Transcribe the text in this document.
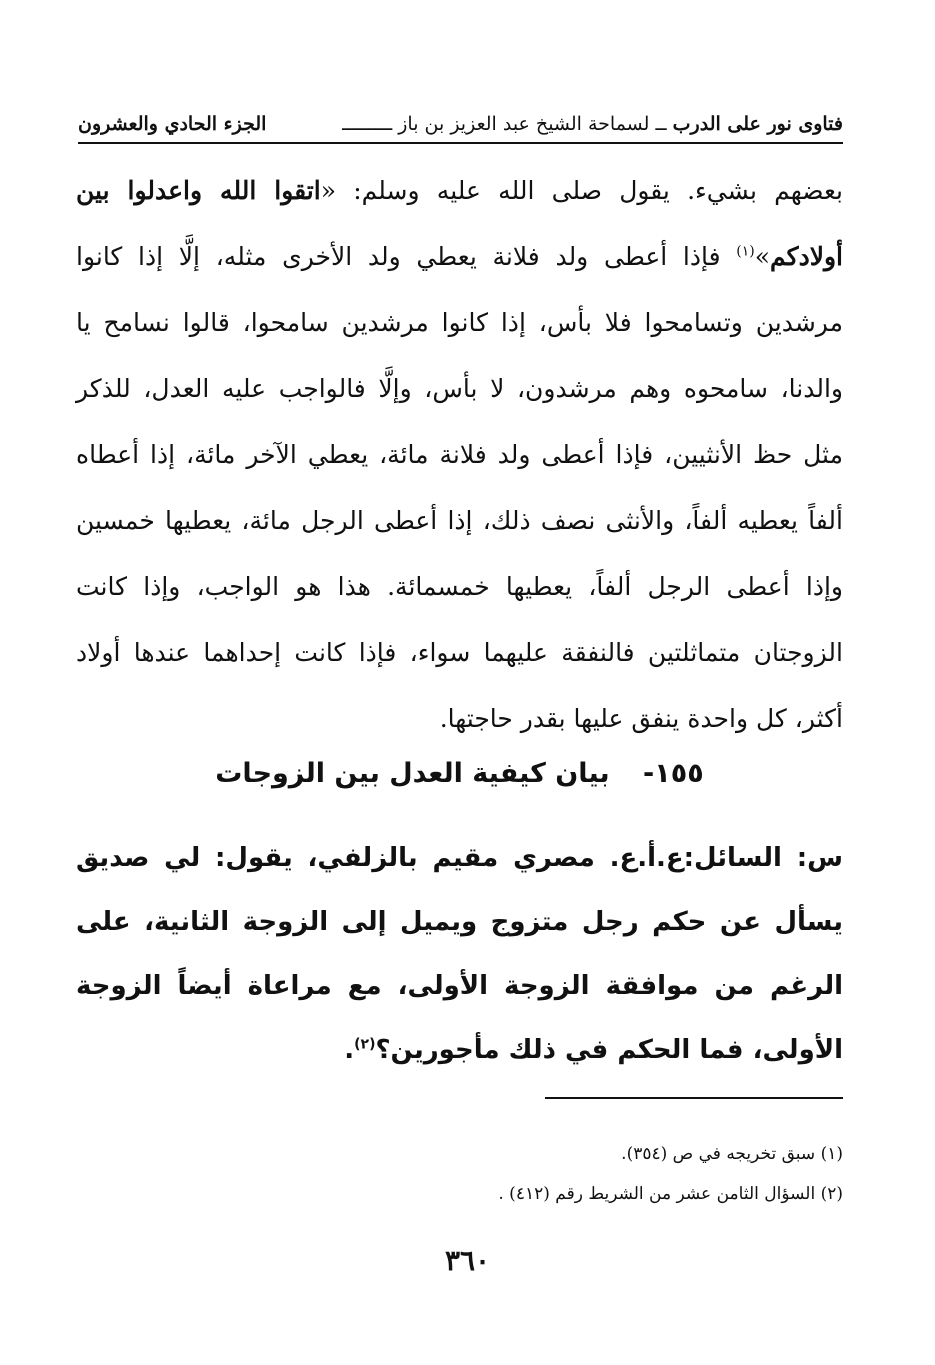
فتاوى نور على الدرب ــ لسماحة الشيخ عبد العزيز بن باز ـــــــــ
الجزء الحادي والعشرون
بعضهم بشيء. يقول صلى الله عليه وسلم: «اتقوا الله واعدلوا بين أولادكم»$^{(١)}$ فإذا أعطى ولد فلانة يعطي ولد الأخرى مثله، إلَّا إذا كانوا مرشدين وتسامحوا فلا بأس، إذا كانوا مرشدين سامحوا، قالوا نسامح يا والدنا، سامحوه وهم مرشدون، لا بأس، وإلَّا فالواجب عليه العدل، للذكر مثل حظ الأنثيين، فإذا أعطى ولد فلانة مائة، يعطي الآخر مائة، إذا أعطاه ألفاً يعطيه ألفاً، والأنثى نصف ذلك، إذا أعطى الرجل مائة، يعطيها خمسين وإذا أعطى الرجل ألفاً، يعطيها خمسمائة. هذا هو الواجب، وإذا كانت الزوجتان متماثلتين فالنفقة عليهما سواء، فإذا كانت إحداهما عندها أولاد أكثر، كل واحدة ينفق عليها بقدر حاجتها.
١٥٥- بيان كيفية العدل بين الزوجات
س: السائل:ع.أ.ع. مصري مقيم بالزلفي، يقول: لي صديق يسأل عن حكم رجل متزوج ويميل إلى الزوجة الثانية، على الرغم من موافقة الزوجة الأولى، مع مراعاة أيضاً الزوجة الأولى، فما الحكم في ذلك مأجورين؟$^{(٢)}$.
(١) سبق تخريجه في ص (٣٥٤).
(٢) السؤال الثامن عشر من الشريط رقم (٤١٢) .
٣٦٠
